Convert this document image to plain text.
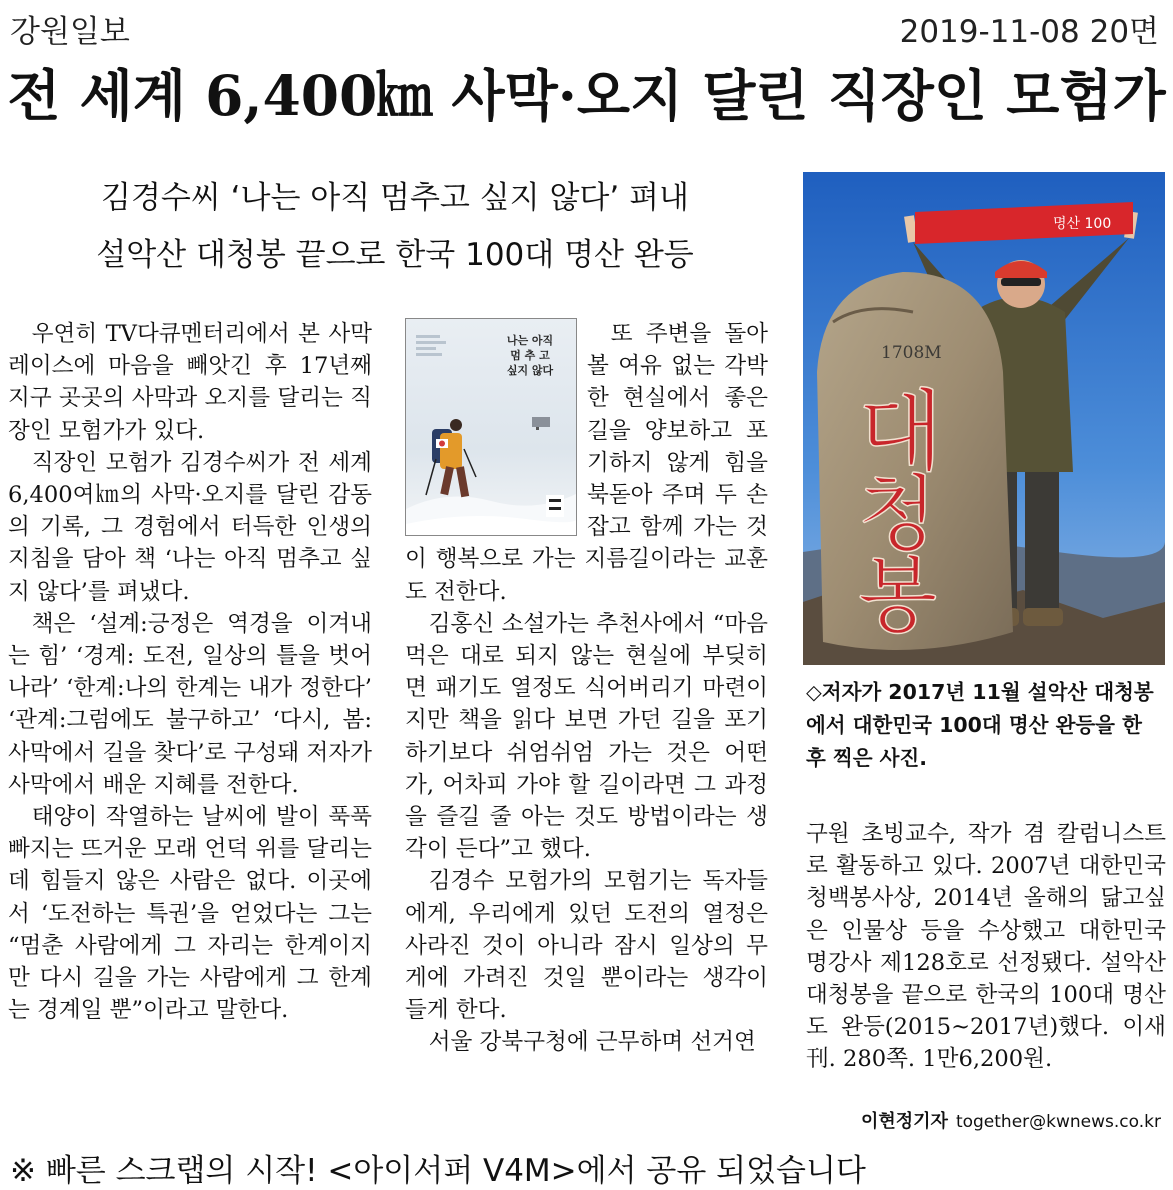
강원일보	2019-11-08 20면
전 세계 6,400㎞ 사막·오지 달린 직장인 모험가
김경수씨 ‘나는 아직 멈추고 싶지 않다’ 펴내
설악산 대청봉 끝으로 한국 100대 명산 완등

우연히 TV다큐멘터리에서 본 사막 레이스에 마음을 빼앗긴 후 17년째 지구 곳곳의 사막과 오지를 달리는 직장인 모험가가 있다.

직장인 모험가 김경수씨가 전 세계 6,400여㎞의 사막·오지를 달린 감동의 기록, 그 경험에서 터득한 인생의 지침을 담아 책 ‘나는 아직 멈추고 싶지 않다’를 펴냈다.

책은 ‘설계:긍정은 역경을 이겨내는 힘’ ‘경계: 도전, 일상의 틀을 벗어나라’ ‘한계:나의 한계는 내가 정한다’ ‘관계:그럼에도 불구하고’ ‘다시, 봄:사막에서 길을 찾다’로 구성돼 저자가 사막에서 배운 지혜를 전한다.

태양이 작열하는 날씨에 발이 푹푹 빠지는 뜨거운 모래 언덕 위를 달리는데 힘들지 않은 사람은 없다. 이곳에서 ‘도전하는 특권’을 얻었다는 그는 “멈춘 사람에게 그 자리는 한계이지만 다시 길을 가는 사람에게 그 한계는 경계일 뿐”이라고 말한다.

나는 아직
멈 추 고
싶지 않다

또 주변을 돌아볼 여유 없는 각박한 현실에서 좋은 길을 양보하고 포기하지 않게 힘을 북돋아 주며 두 손 잡고 함께 가는 것이 행복으로 가는 지름길이라는 교훈도 전한다.

김홍신 소설가는 추천사에서 “마음먹은 대로 되지 않는 현실에 부딪히면 패기도 열정도 식어버리기 마련이지만 책을 읽다 보면 가던 길을 포기하기보다 쉬엄쉬엄 가는 것은 어떤가, 어차피 가야 할 길이라면 그 과정을 즐길 줄 아는 것도 방법이라는 생각이 든다”고 했다.

김경수 모험가의 모험기는 독자들에게, 우리에게 있던 도전의 열정은 사라진 것이 아니라 잠시 일상의 무게에 가려진 것일 뿐이라는 생각이 들게 한다.

서울 강북구청에 근무하며 선거연

명산 100
1708M
대
청
봉
◇저자가 2017년 11월 설악산 대청봉에서 대한민국 100대 명산 완등을 한 후 찍은 사진.

구원 초빙교수, 작가 겸 칼럼니스트로 활동하고 있다. 2007년 대한민국 청백봉사상, 2014년 올해의 닮고싶은 인물상 등을 수상했고 대한민국 명강사 제128호로 선정됐다. 설악산 대청봉을 끝으로 한국의 100대 명산도 완등(2015~2017년)했다. 이새 刊. 280쪽. 1만6,200원.

이현정기자 together@kwnews.co.kr
※ 빠른 스크랩의 시작! <아이서퍼 V4M>에서 공유 되었습니다
